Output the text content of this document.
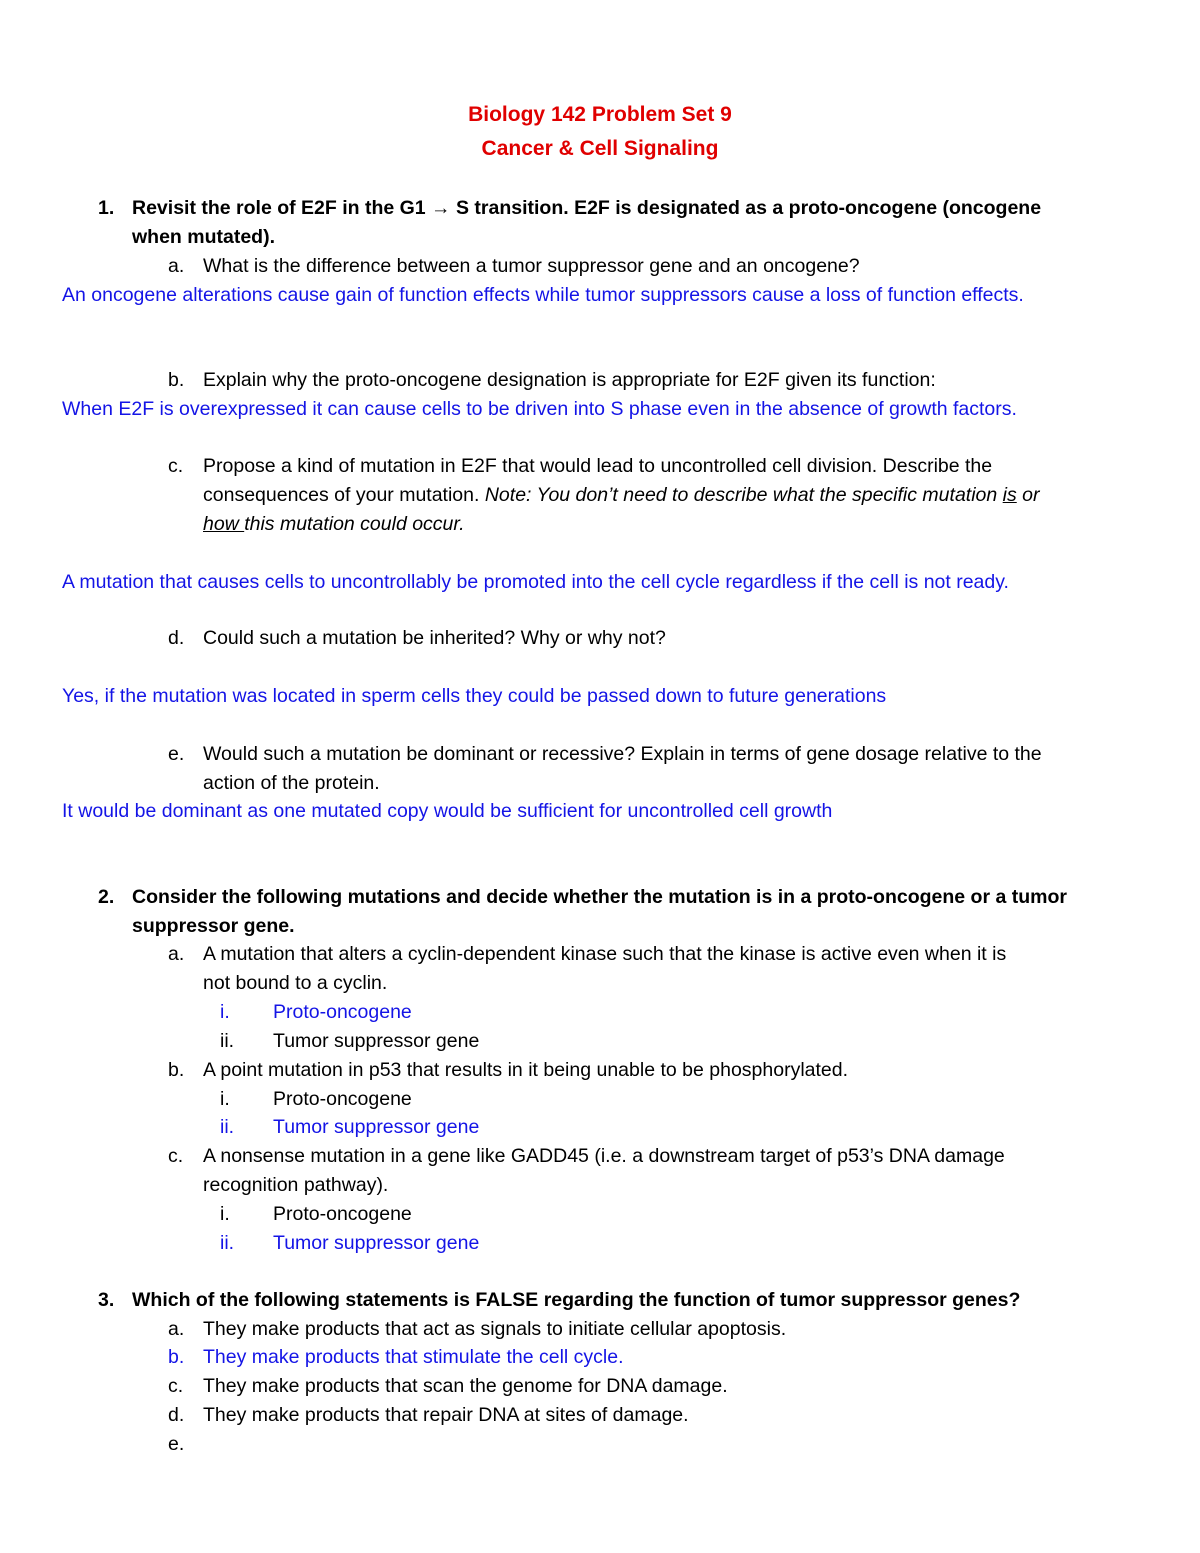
Biology 142 Problem Set 9
Cancer & Cell Signaling
1. Revisit the role of E2F in the G1 → S transition. E2F is designated as a proto-oncogene (oncogene
when mutated).
a. What is the difference between a tumor suppressor gene and an oncogene?
An oncogene alterations cause gain of function effects while tumor suppressors cause a loss of function effects.
b. Explain why the proto-oncogene designation is appropriate for E2F given its function:
When E2F is overexpressed it can cause cells to be driven into S phase even in the absence of growth factors.
c. Propose a kind of mutation in E2F that would lead to uncontrolled cell division. Describe the
consequences of your mutation. Note: You don’t need to describe what the specific mutation is or
how this mutation could occur.
A mutation that causes cells to uncontrollably be promoted into the cell cycle regardless if the cell is not ready.
d. Could such a mutation be inherited? Why or why not?
Yes, if the mutation was located in sperm cells they could be passed down to future generations
e. Would such a mutation be dominant or recessive? Explain in terms of gene dosage relative to the
action of the protein.
It would be dominant as one mutated copy would be sufficient for uncontrolled cell growth
2. Consider the following mutations and decide whether the mutation is in a proto-oncogene or a tumor
suppressor gene.
a. A mutation that alters a cyclin-dependent kinase such that the kinase is active even when it is
not bound to a cyclin.
i. Proto-oncogene
ii. Tumor suppressor gene
b. A point mutation in p53 that results in it being unable to be phosphorylated.
i. Proto-oncogene
ii. Tumor suppressor gene
c. A nonsense mutation in a gene like GADD45 (i.e. a downstream target of p53’s DNA damage
recognition pathway).
i. Proto-oncogene
ii. Tumor suppressor gene
3. Which of the following statements is FALSE regarding the function of tumor suppressor genes?
a. They make products that act as signals to initiate cellular apoptosis.
b. They make products that stimulate the cell cycle.
c. They make products that scan the genome for DNA damage.
d. They make products that repair DNA at sites of damage.
e.
